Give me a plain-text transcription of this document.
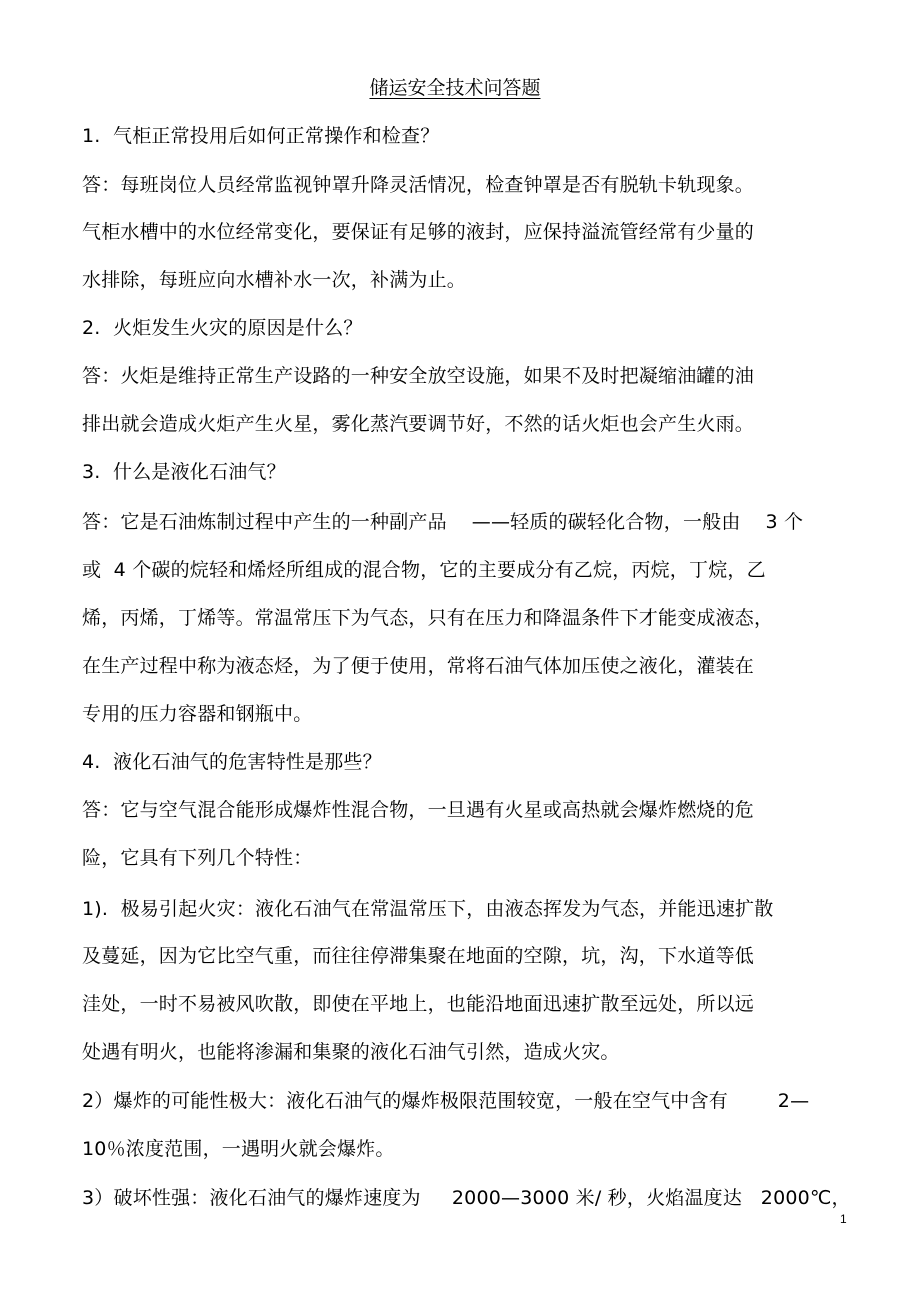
储运安全技术问答题
1.  气柜正常投用后如何正常操作和检查？
答：每班岗位人员经常监视钟罩升降灵活情况，检查钟罩是否有脱轨卡轨现象。
气柜水槽中的水位经常变化，要保证有足够的液封，应保持溢流管经常有少量的
水排除，每班应向水槽补水一次，补满为止。
2.  火炬发生火灾的原因是什么？
答：火炬是维持正常生产设路的一种安全放空设施，如果不及时把凝缩油罐的油
排出就会造成火炬产生火星，雾化蒸汽要调节好，不然的话火炬也会产生火雨。
3.  什么是液化石油气？
答：它是石油炼制过程中产生的一种副产品    ——轻质的碳轻化合物，一般由    3 个
或  4 个碳的烷轻和烯烃所组成的混合物，它的主要成分有乙烷，丙烷，丁烷，乙
烯，丙烯，丁烯等。常温常压下为气态，只有在压力和降温条件下才能变成液态，
在生产过程中称为液态烃，为了便于使用，常将石油气体加压使之液化，灌装在
专用的压力容器和钢瓶中。
4.  液化石油气的危害特性是那些？
答：它与空气混合能形成爆炸性混合物，一旦遇有火星或高热就会爆炸燃烧的危
险，它具有下列几个特性：
1).  极易引起火灾：液化石油气在常温常压下，由液态挥发为气态，并能迅速扩散
及蔓延，因为它比空气重，而往往停滞集聚在地面的空隙，坑，沟，下水道等低
洼处，一时不易被风吹散，即使在平地上，也能沿地面迅速扩散至远处，所以远
处遇有明火，也能将渗漏和集聚的液化石油气引然，造成火灾。
2）爆炸的可能性极大：液化石油气的爆炸极限范围较宽，一般在空气中含有        2—
10％浓度范围，一遇明火就会爆炸。
3）破坏性强：液化石油气的爆炸速度为     2000—3000 米/ 秒，火焰温度达   2000℃，
1
